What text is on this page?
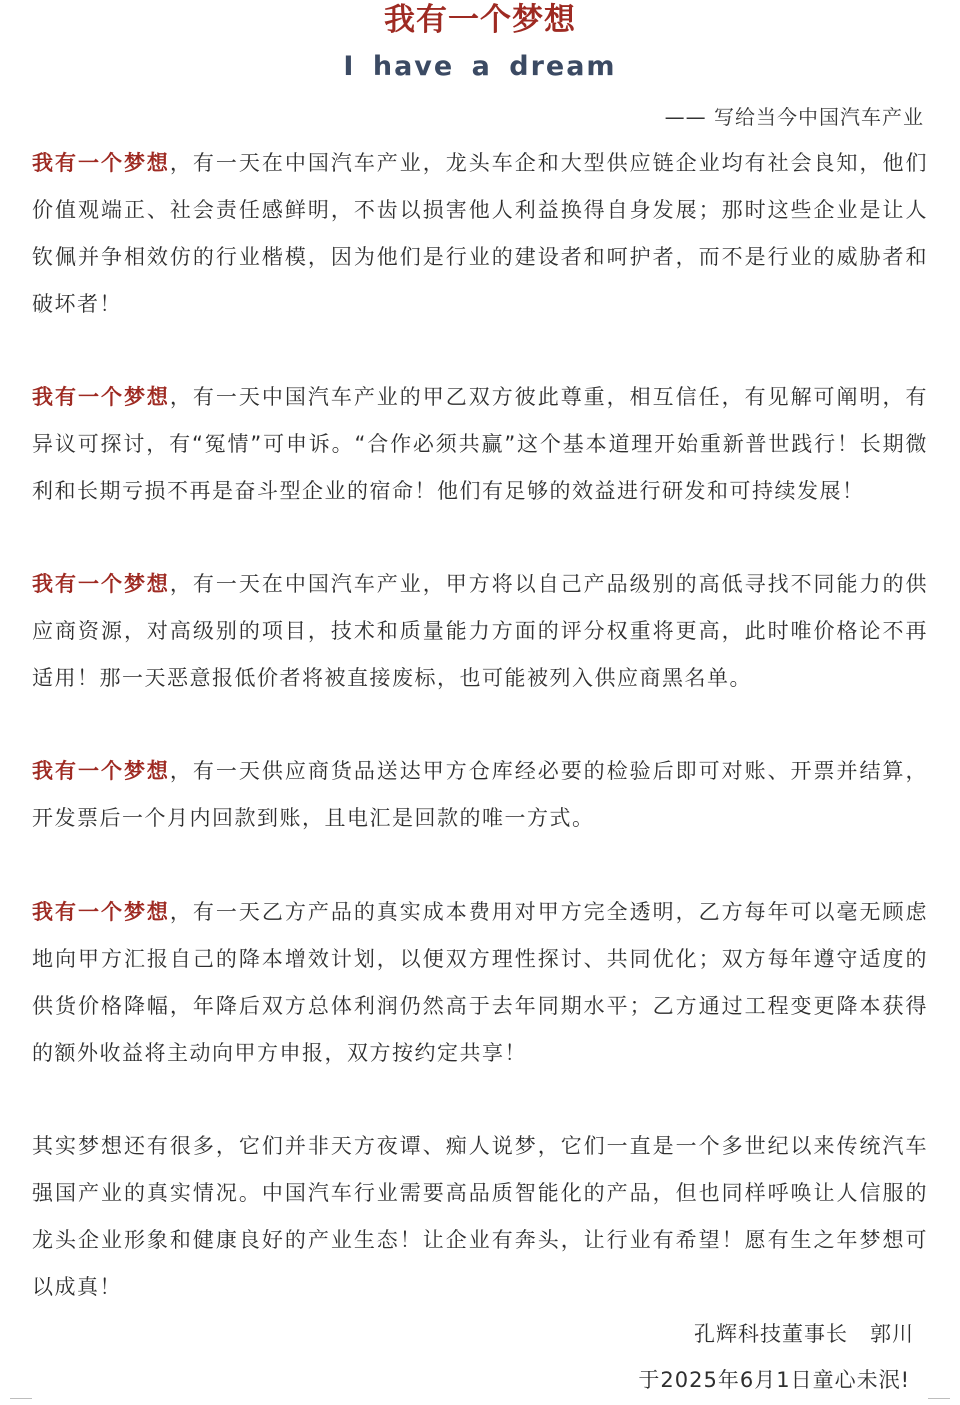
我有一个梦想
I have a dream
—— 写给当今中国汽车产业

我有一个梦想，有一天在中国汽车产业，龙头车企和大型供应链企业均有社会良知，他们价值观端正、社会责任感鲜明，不齿以损害他人利益换得自身发展；那时这些企业是让人钦佩并争相效仿的行业楷模，因为他们是行业的建设者和呵护者，而不是行业的威胁者和破坏者！

我有一个梦想，有一天中国汽车产业的甲乙双方彼此尊重，相互信任，有见解可阐明，有异议可探讨，有“冤情”可申诉。“合作必须共赢”这个基本道理开始重新普世践行！长期微利和长期亏损不再是奋斗型企业的宿命！他们有足够的效益进行研发和可持续发展！

我有一个梦想，有一天在中国汽车产业，甲方将以自己产品级别的高低寻找不同能力的供应商资源，对高级别的项目，技术和质量能力方面的评分权重将更高，此时唯价格论不再适用！那一天恶意报低价者将被直接废标，也可能被列入供应商黑名单。

我有一个梦想，有一天供应商货品送达甲方仓库经必要的检验后即可对账、开票并结算，开发票后一个月内回款到账，且电汇是回款的唯一方式。

我有一个梦想，有一天乙方产品的真实成本费用对甲方完全透明，乙方每年可以毫无顾虑地向甲方汇报自己的降本增效计划，以便双方理性探讨、共同优化；双方每年遵守适度的供货价格降幅，年降后双方总体利润仍然高于去年同期水平；乙方通过工程变更降本获得的额外收益将主动向甲方申报，双方按约定共享！

其实梦想还有很多，它们并非天方夜谭、痴人说梦，它们一直是一个多世纪以来传统汽车强国产业的真实情况。中国汽车行业需要高品质智能化的产品，但也同样呼唤让人信服的龙头企业形象和健康良好的产业生态！让企业有奔头，让行业有希望！愿有生之年梦想可以成真！

孔辉科技董事长　郭川
于2025年6月1日童心未泯!
